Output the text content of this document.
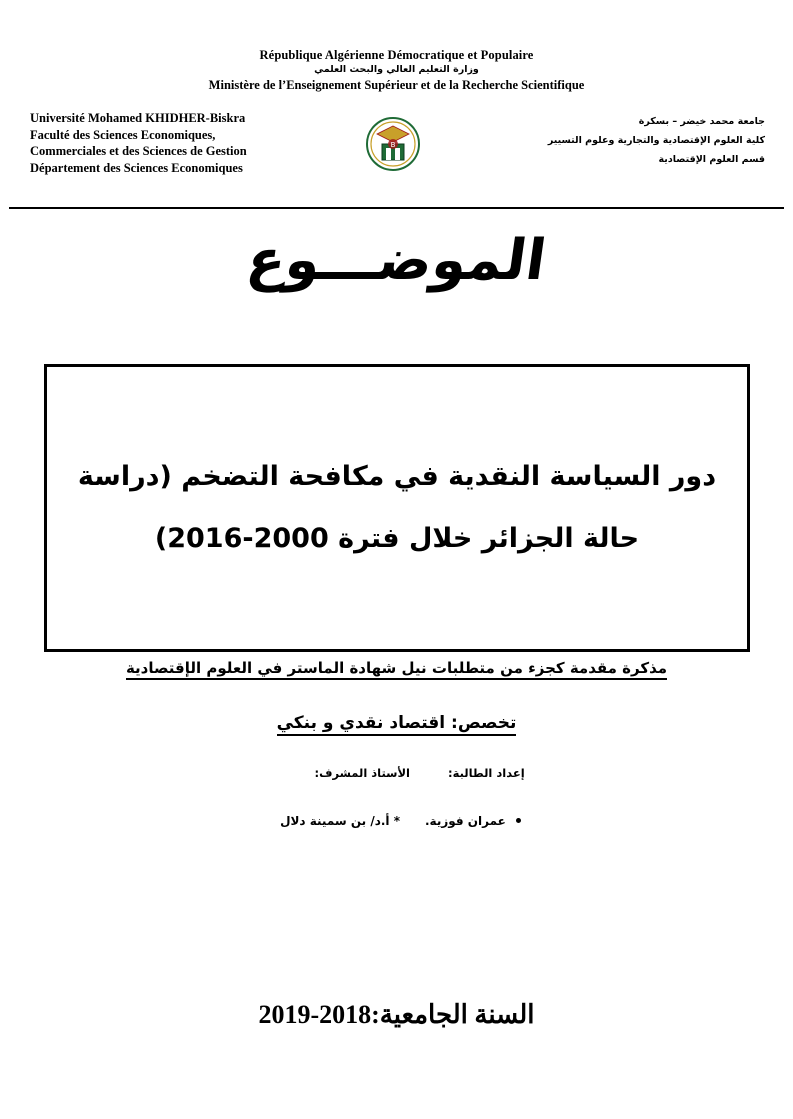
République Algérienne Démocratique et Populaire
وزارة التعليم العالي والبحث العلمي
Ministère de l’Enseignement Supérieur et de la Recherche Scientifique
Université Mohamed KHIDHER-Biskra
Faculté des Sciences Economiques,
Commerciales et des Sciences de Gestion
Département des Sciences Economiques
جامعة محمد خيضر – بسكرة
كلية العلوم الإقتصادية والتجارية وعلوم التسيير
قسم العلوم الإقتصادية
B
الموضـــوع
دور السياسة النقدية في مكافحة التضخم (دراسة حالة الجزائر خلال فترة 2000-2016)
مذكرة مقدمة كجزء من متطلبات نيل شهادة الماستر في العلوم الإقتصادية
تخصص: اقتصاد نقدي و بنكي
الأستاذ المشرف:	إعداد الطالبة:
* أ.د/ بن سمينة دلال عمران فوزية.
السنة الجامعية:2018-2019
